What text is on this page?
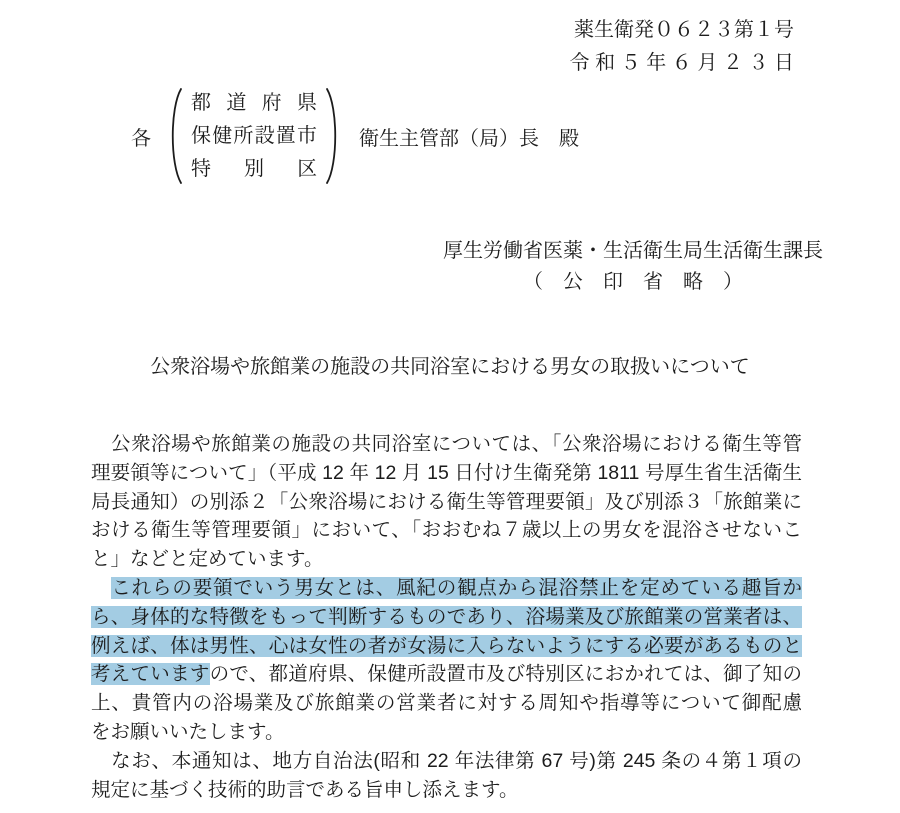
薬生衛発０６２３第１号
令 和 ５ 年 ６ 月 ２ ３ 日
各
都道府県
保健所設置市
特別区
衛生主管部（局）長　殿
厚生労働省医薬・生活衛生局生活衛生課長
（　公　印　省　略　）
公衆浴場や旅館業の施設の共同浴室における男女の取扱いについて
　公衆浴場や旅館業の施設の共同浴室については、「公衆浴場における衛生等管
理要領等について」（平成 12 年 12 月 15 日付け生衛発第 1811 号厚生省生活衛生
局長通知）の別添２「公衆浴場における衛生等管理要領」及び別添３「旅館業に
おける衛生等管理要領」において、「おおむね７歳以上の男女を混浴させないこ
と」などと定めています。
　これらの要領でいう男女とは、風紀の観点から混浴禁止を定めている趣旨か
ら、身体的な特徴をもって判断するものであり、浴場業及び旅館業の営業者は、
例えば、体は男性、心は女性の者が女湯に入らないようにする必要があるものと
考えていますので、都道府県、保健所設置市及び特別区におかれては、御了知の
上、貴管内の浴場業及び旅館業の営業者に対する周知や指導等について御配慮
をお願いいたします。
　なお、本通知は、地方自治法(昭和 22 年法律第 67 号)第 245 条の４第１項の
規定に基づく技術的助言である旨申し添えます。
